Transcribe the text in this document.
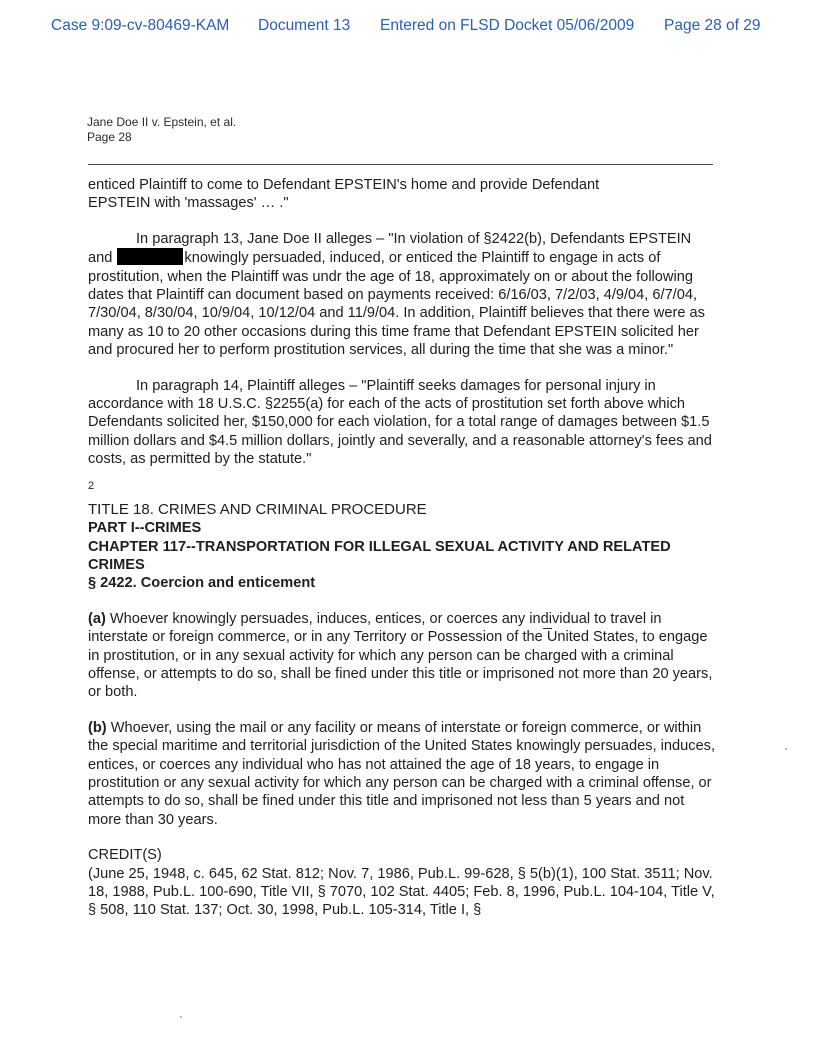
Case 9:09-cv-80469-KAM Document 13 Entered on FLSD Docket 05/06/2009 Page 28 of 29
Jane Doe II v. Epstein, et al.
Page 28

enticed Plaintiff to come to Defendant EPSTEIN's home and provide Defendant
EPSTEIN with 'massages' … ."

In paragraph 13, Jane Doe II alleges – "In violation of §2422(b), Defendants EPSTEIN and	knowingly persuaded, induced, or enticed the Plaintiff to engage in acts of prostitution, when the Plaintiff was undr the age of 18, approximately on or about the following dates that Plaintiff can document based on payments received: 6/16/03, 7/2/03, 4/9/04, 6/7/04, 7/30/04, 8/30/04, 10/9/04, 10/12/04 and 11/9/04. In addition, Plaintiff believes that there were as many as 10 to 20 other occasions during this time frame that Defendant EPSTEIN solicited her and procured her to perform prostitution services, all during the time that she was a minor."

In paragraph 14, Plaintiff alleges – "Plaintiff seeks damages for personal injury in accordance with 18 U.S.C. §2255(a) for each of the acts of prostitution set forth above which Defendants solicited her, $150,000 for each violation, for a total range of damages between $1.5 million dollars and $4.5 million dollars, jointly and severally, and a reasonable attorney's fees and costs, as permitted by the statute."

2
TITLE 18. CRIMES AND CRIMINAL PROCEDURE
PART I--CRIMES
CHAPTER 117--TRANSPORTATION FOR ILLEGAL SEXUAL ACTIVITY AND RELATED CRIMES
§ 2422. Coercion and enticement

(a) Whoever knowingly persuades, induces, entices, or coerces any individual to travel in interstate or foreign commerce, or in any Territory or Possession of the United States, to engage in prostitution, or in any sexual activity for which any person can be charged with a criminal offense, or attempts to do so, shall be fined under this title or imprisoned not more than 20 years, or both.

(b) Whoever, using the mail or any facility or means of interstate or foreign commerce, or within the special maritime and territorial jurisdiction of the United States knowingly persuades, induces, entices, or coerces any individual who has not attained the age of 18 years, to engage in prostitution or any sexual activity for which any person can be charged with a criminal offense, or attempts to do so, shall be fined under this title and imprisoned not less than 5 years and not more than 30 years.

CREDIT(S)
(June 25, 1948, c. 645, 62 Stat. 812; Nov. 7, 1986, Pub.L. 99-628, § 5(b)(1), 100 Stat. 3511; Nov. 18, 1988, Pub.L. 100-690, Title VII, § 7070, 102 Stat. 4405; Feb. 8, 1996, Pub.L. 104-104, Title V, § 508, 110 Stat. 137; Oct. 30, 1998, Pub.L. 105-314, Title I, §
